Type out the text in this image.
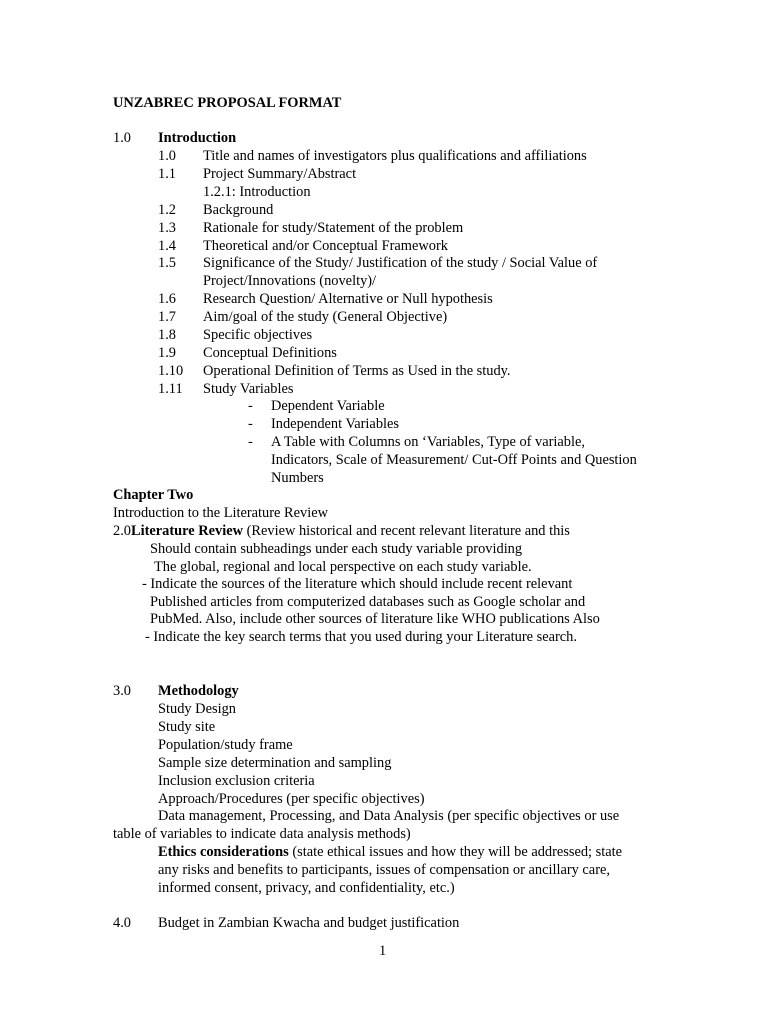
UNZABREC PROPOSAL FORMAT
1.0 Introduction
1.0 Title and names of investigators plus qualifications and affiliations
1.1 Project Summary/Abstract
1.2.1: Introduction
1.2 Background
1.3 Rationale for study/Statement of the problem
1.4 Theoretical and/or Conceptual Framework
1.5 Significance of the Study/ Justification of the study / Social Value of
Project/Innovations (novelty)/
1.6 Research Question/ Alternative or Null hypothesis
1.7 Aim/goal of the study (General Objective)
1.8 Specific objectives
1.9 Conceptual Definitions
1.10 Operational Definition of Terms as Used in the study.
1.11 Study Variables
- Dependent Variable
- Independent Variables
- A Table with Columns on ‘Variables, Type of variable,
Indicators, Scale of Measurement/ Cut-Off Points and Question
Numbers
Chapter Two
Introduction to the Literature Review
2.0Literature Review (Review historical and recent relevant literature and this
Should contain subheadings under each study variable providing
The global, regional and local perspective on each study variable.
- Indicate the sources of the literature which should include recent relevant
Published articles from computerized databases such as Google scholar and
PubMed. Also, include other sources of literature like WHO publications Also
- Indicate the key search terms that you used during your Literature search.
3.0 Methodology
Study Design
Study site
Population/study frame
Sample size determination and sampling
Inclusion exclusion criteria
Approach/Procedures (per specific objectives)
Data management, Processing, and Data Analysis (per specific objectives or use
table of variables to indicate data analysis methods)
Ethics considerations (state ethical issues and how they will be addressed; state
any risks and benefits to participants, issues of compensation or ancillary care,
informed consent, privacy, and confidentiality, etc.)
4.0 Budget in Zambian Kwacha and budget justification
1
